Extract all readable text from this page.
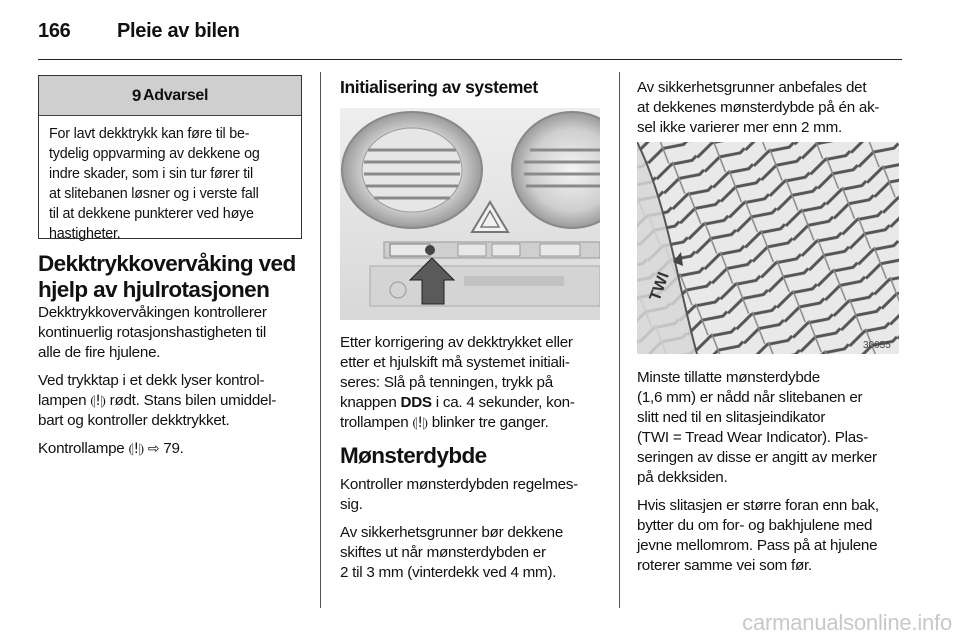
166 Pleie av bilen
9 Advarsel
For lavt dekktrykk kan føre til be-
tydelig oppvarming av dekkene og
indre skader, som i sin tur fører til
at slitebanen løsner og i verste fall
til at dekkene punkterer ved høye
hastigheter.
Dekktrykkovervåking ved
hjelp av hjulrotasjonen

Dekktrykkovervåkingen kontrollerer
kontinuerlig rotasjonshastigheten til
alle de fire hjulene.

Ved trykktap i et dekk lyser kontrol-
lampen ⦇!⦈ rødt. Stans bilen umiddel-
bart og kontroller dekktrykket.

Kontrollampe ⦇!⦈ ⇨ 79.

Initialisering av systemet
Etter korrigering av dekktrykket eller
etter et hjulskift må systemet initiali-
seres: Slå på tenningen, trykk på
knappen DDS i ca. 4 sekunder, kon-
trollampen ⦇!⦈ blinker tre ganger.
Mønsterdybde

Kontroller mønsterdybden regelmes-
sig.

Av sikkerhetsgrunner bør dekkene
skiftes ut når mønsterdybden er
2 til 3 mm (vinterdekk ved 4 mm).

Av sikkerhetsgrunner anbefales det
at dekkenes mønsterdybde på én ak-
sel ikke varierer mer enn 2 mm.
TWI
30055

Minste tillatte mønsterdybde
(1,6 mm) er nådd når slitebanen er
slitt ned til en slitasjeindikator
(TWI = Tread Wear Indicator). Plas-
seringen av disse er angitt av merker
på dekksiden.

Hvis slitasjen er større foran enn bak,
bytter du om for- og bakhjulene med
jevne mellomrom. Pass på at hjulene
roterer samme vei som før.

carmanualsonline.info
